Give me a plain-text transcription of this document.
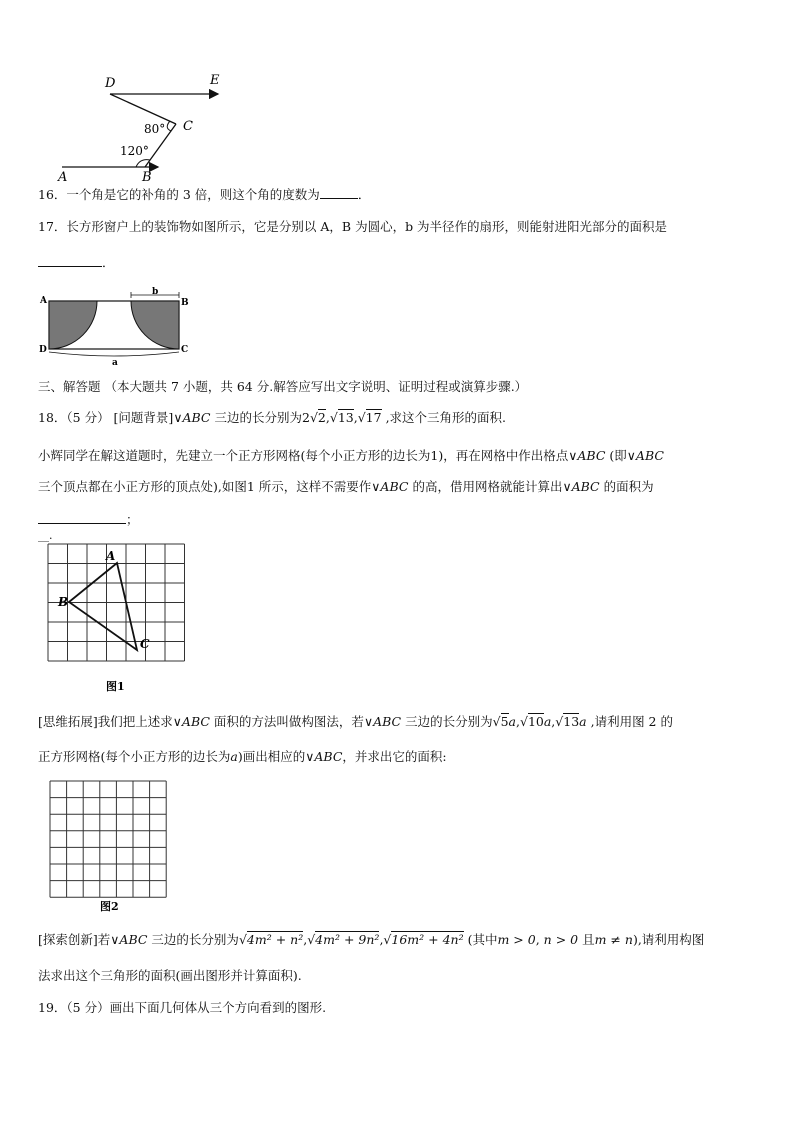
D	E
C
A	B
80°
120°
16．一个角是它的补角的 3 倍，则这个角的度数为	．
17．长方形窗户上的装饰物如图所示，它是分别以 A，B 为圆心，b 为半径作的扇形，则能射进阳光部分的面积是
．
A	B
C
D
b
a
三、解答题 （本大题共 7 小题，共 64 分.解答应写出文字说明、证明过程或演算步骤.）
18．（5 分） [问题背景]∨ABC 三边的长分别为2√2,√13,√17 ,求这个三角形的面积.
小辉同学在解这道题时，先建立一个正方形网格(每个小正方形的边长为1)，再在网格中作出格点∨ABC (即∨ABC
三个顶点都在小正方形的顶点处),如图1 所示，这样不需要作∨ABC 的高，借用网格就能计算出∨ABC 的面积为
；
__.
A
B
C
图1
[思维拓展]我们把上述求∨ABC 面积的方法叫做构图法，若∨ABC 三边的长分别为√5a,√10a,√13a ,请利用图 2 的
正方形网格(每个小正方形的边长为a)画出相应的∨ABC，并求出它的面积:
图2
[探索创新]若∨ABC 三边的长分别为√4m² + n²,√4m² + 9n²,√16m² + 4n² (其中m > 0, n > 0 且m ≠ n),请利用构图
法求出这个三角形的面积(画出图形并计算面积).
19．（5 分）画出下面几何体从三个方向看到的图形.
